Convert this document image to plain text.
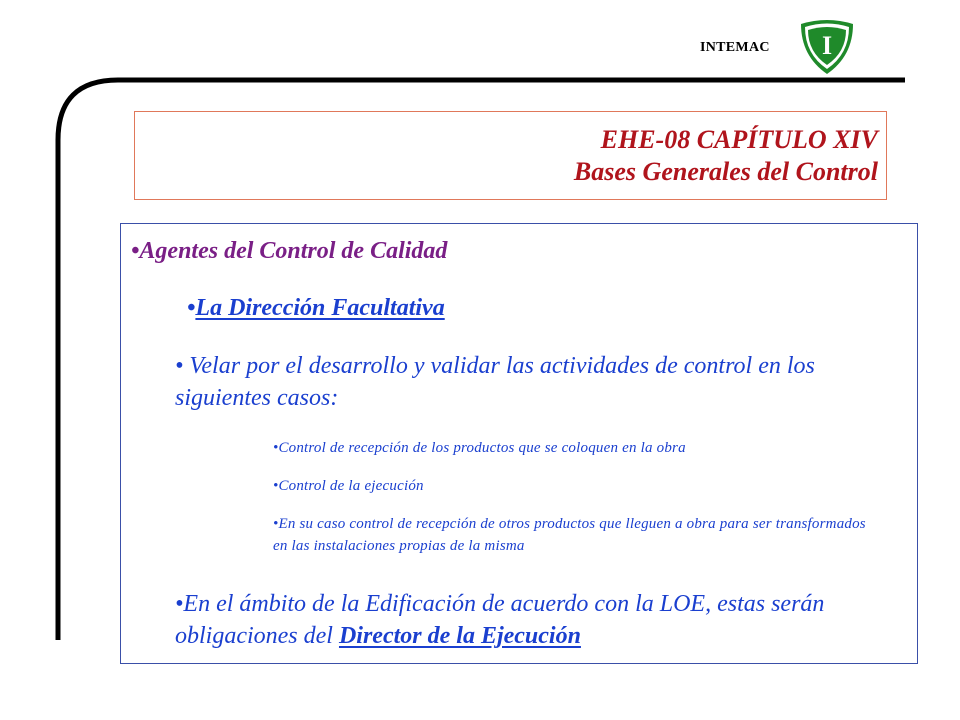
INTEMAC I
EHE-08 CAPÍTULO XIV
Bases Generales del Control
•Agentes del Control de Calidad
•La Dirección Facultativa
• Velar por el desarrollo y validar las actividades de control en los siguientes casos:
•Control de recepción de los productos que se coloquen en la obra
•Control de la ejecución
•En su caso control de recepción de otros productos que lleguen a obra para ser transformados en las instalaciones propias de la misma
•En el ámbito de la Edificación de acuerdo con la LOE, estas serán obligaciones del Director de la Ejecución
